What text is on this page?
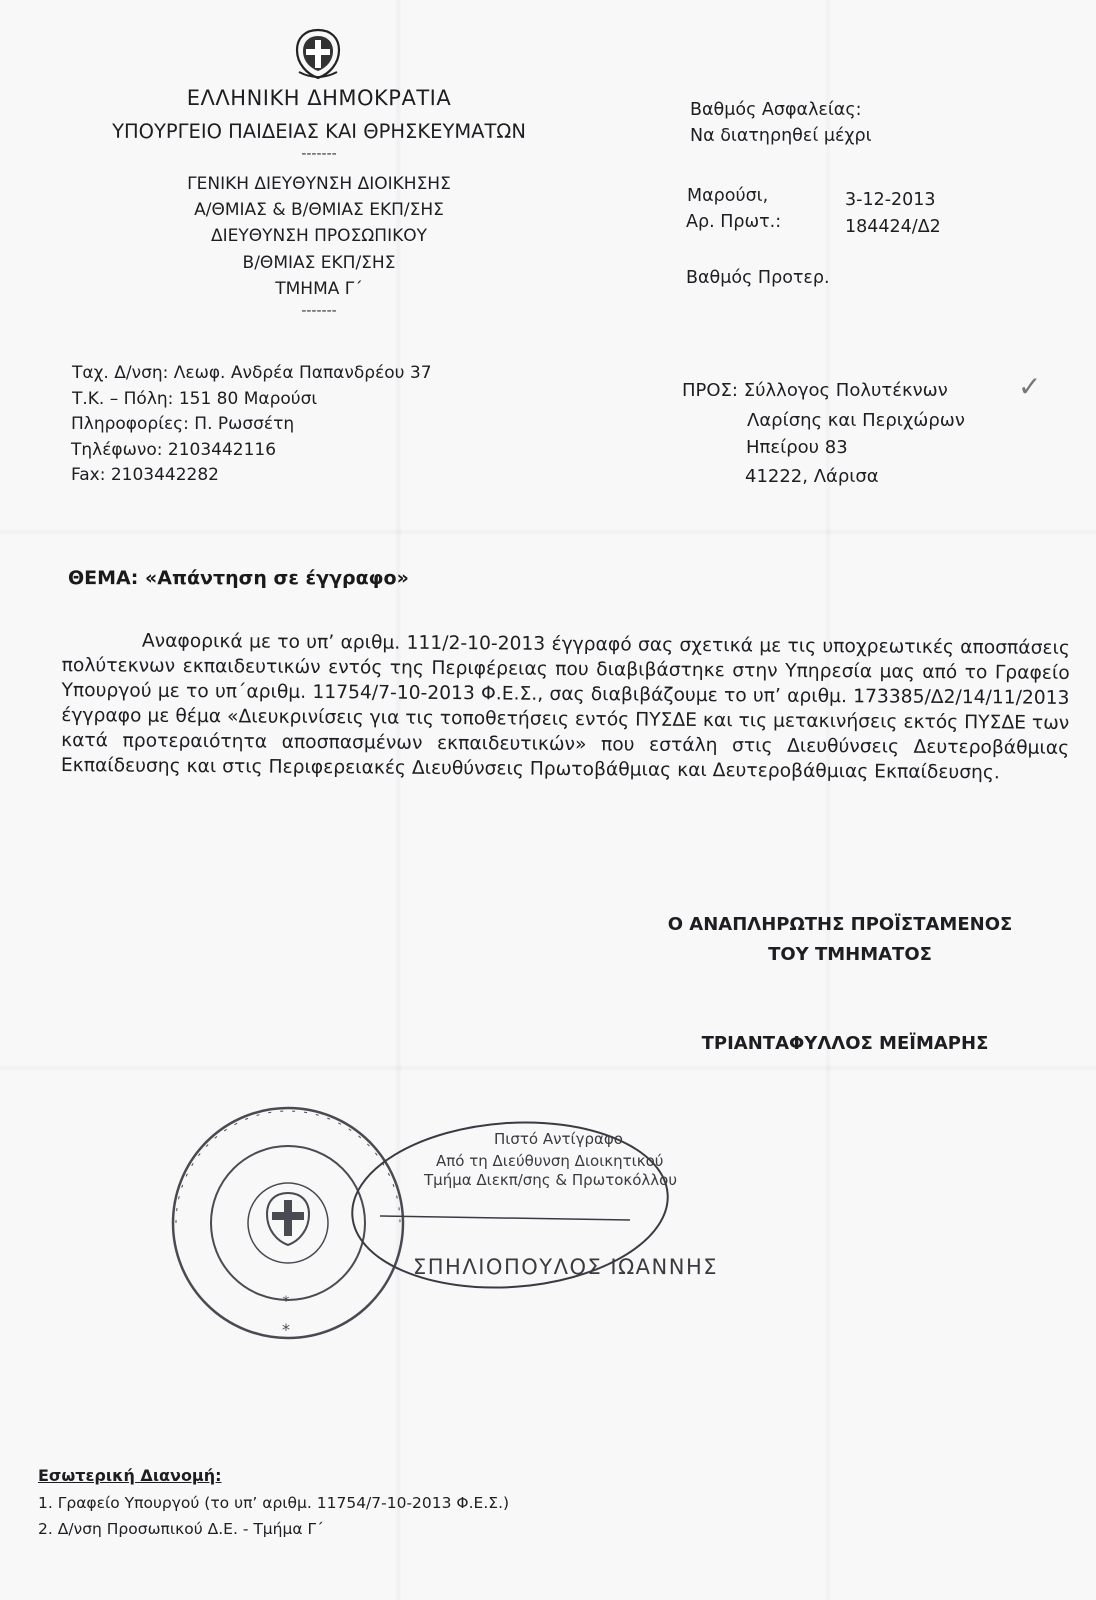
ΕΛΛΗΝΙΚΗ ΔΗΜΟΚΡΑΤΙΑ
ΥΠΟΥΡΓΕΙΟ ΠΑΙΔΕΙΑΣ ΚΑΙ ΘΡΗΣΚΕΥΜΑΤΩΝ
-------
ΓΕΝΙΚΗ ΔΙΕΥΘΥΝΣΗ ΔΙΟΙΚΗΣΗΣ
Α/ΘΜΙΑΣ & Β/ΘΜΙΑΣ ΕΚΠ/ΣΗΣ
ΔΙΕΥΘΥΝΣΗ ΠΡΟΣΩΠΙΚΟΥ
Β/ΘΜΙΑΣ ΕΚΠ/ΣΗΣ
ΤΜΗΜΑ Γ΄
-------
Ταχ. Δ/νση: Λεωφ. Ανδρέα Παπανδρέου 37
Τ.Κ. – Πόλη: 151 80 Μαρούσι
Πληροφορίες: Π. Ρωσσέτη
Τηλέφωνο: 2103442116
Fax: 2103442282
Βαθμός Ασφαλείας:
Να διατηρηθεί μέχρι
Μαρούσι,	3-12-2013
Αρ. Πρωτ.:	184424/Δ2
Βαθμός Προτερ.
ΠΡΟΣ: Σύλλογος Πολυτέκνων
Λαρίσης και Περιχώρων
Ηπείρου 83
41222, Λάρισα
✓
ΘΕΜΑ: «Απάντηση σε έγγραφο»
Αναφορικά με το υπ’ αριθμ. 111/2-10-2013 έγγραφό σας σχετικά με τις υποχρεωτικές αποσπάσεις πολύτεκνων εκπαιδευτικών εντός της Περιφέρειας που διαβιβάστηκε στην Υπηρεσία μας από το Γραφείο Υπουργού με το υπ΄αριθμ. 11754/7-10-2013 Φ.Ε.Σ., σας διαβιβάζουμε το υπ’ αριθμ. 173385/Δ2/14/11/2013 έγγραφο με θέμα «Διευκρινίσεις για τις τοποθετήσεις εντός ΠΥΣΔΕ και τις μετακινήσεις εκτός ΠΥΣΔΕ των κατά προτεραιότητα αποσπασμένων εκπαιδευτικών» που εστάλη στις Διευθύνσεις Δευτεροβάθμιας Εκπαίδευσης και στις Περιφερειακές Διευθύνσεις Πρωτοβάθμιας και Δευτεροβάθμιας Εκπαίδευσης.
Ο ΑΝΑΠΛΗΡΩΤΗΣ ΠΡΟΪΣΤΑΜΕΝΟΣ
ΤΟΥ ΤΜΗΜΑΤΟΣ
ΤΡΙΑΝΤΑΦΥΛΛΟΣ ΜΕΪΜΑΡΗΣ
*
*
Πιστό Αντίγραφο
Από τη Διεύθυνση Διοικητικού
Τμήμα Διεκπ/σης & Πρωτοκόλλου
ΣΠΗΛΙΟΠΟΥΛΟΣ ΙΩΑΝΝΗΣ
Εσωτερική Διανομή:
1. Γραφείο Υπουργού (το υπ’ αριθμ. 11754/7-10-2013 Φ.Ε.Σ.)
2. Δ/νση Προσωπικού Δ.Ε. - Τμήμα Γ΄
